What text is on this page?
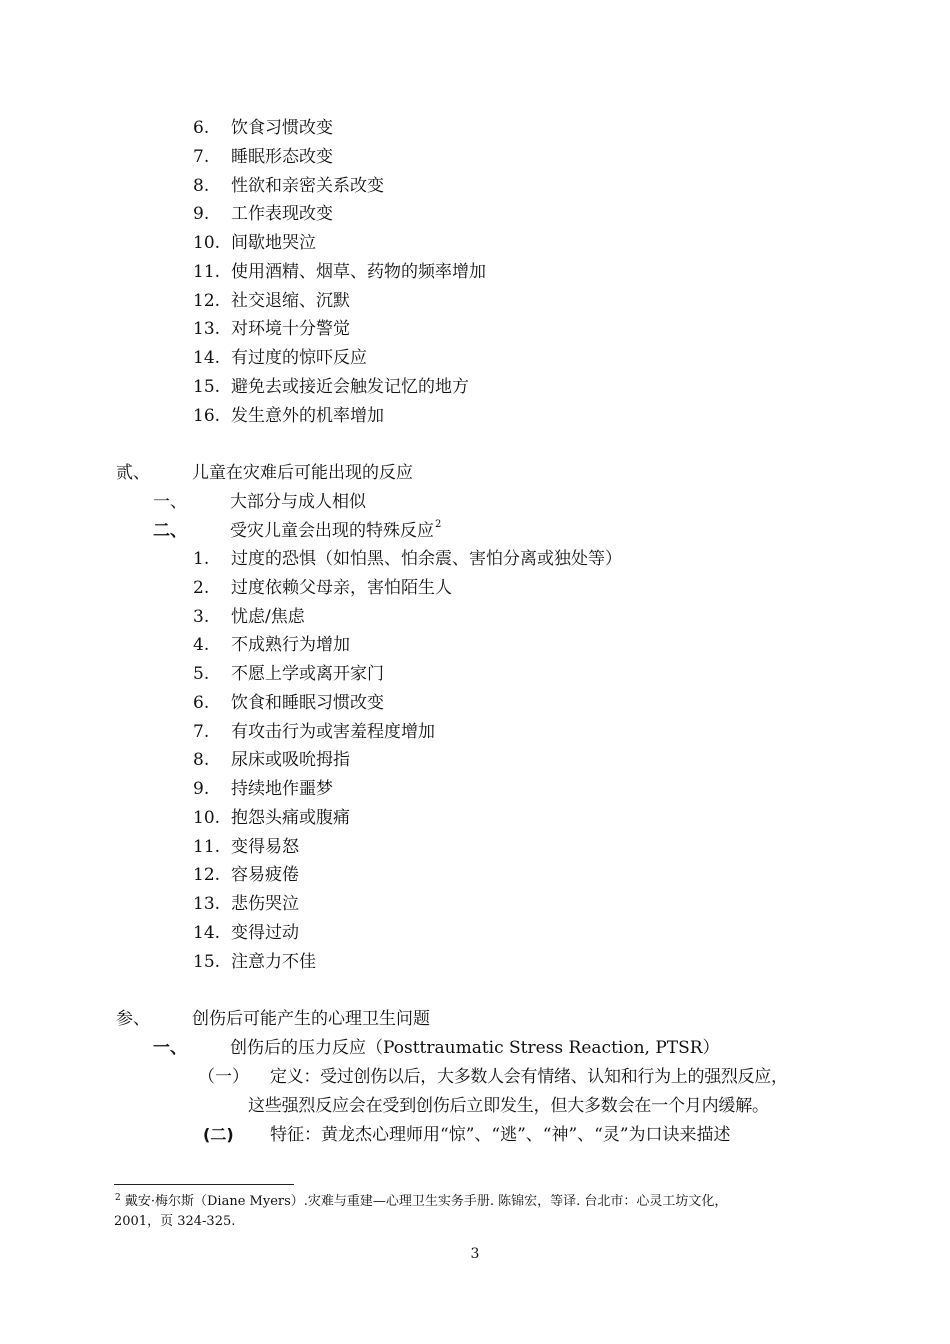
6. 饮食习惯改变
7. 睡眠形态改变
8. 性欲和亲密关系改变
9. 工作表现改变
10. 间歇地哭泣
11. 使用酒精、烟草、药物的频率增加
12. 社交退缩、沉默
13. 对环境十分警觉
14. 有过度的惊吓反应
15. 避免去或接近会触发记忆的地方
16. 发生意外的机率增加
贰、 儿童在灾难后可能出现的反应
一、	大部分与成人相似
二、	受灾儿童会出现的特殊反应$^2$
1. 过度的恐惧（如怕黑、怕余震、害怕分离或独处等）
2. 过度依赖父母亲，害怕陌生人
3. 忧虑/焦虑
4. 不成熟行为增加
5. 不愿上学或离开家门
6. 饮食和睡眠习惯改变
7. 有攻击行为或害羞程度增加
8. 尿床或吸吮拇指
9. 持续地作噩梦
10. 抱怨头痛或腹痛
11. 变得易怒
12. 容易疲倦
13. 悲伤哭泣
14. 变得过动
15. 注意力不佳
参、 创伤后可能产生的心理卫生问题
一、	创伤后的压力反应（Posttraumatic Stress Reaction, PTSR）
（一） 定义：受过创伤以后，大多数人会有情绪、认知和行为上的强烈反应，
这些强烈反应会在受到创伤后立即发生，但大多数会在一个月内缓解。
(二) 特征：黄龙杰心理师用“惊”、“逃”、“神”、“灵”为口诀来描述
$^2$ 戴安·梅尔斯（Diane Myers）.灾难与重建—心理卫生实务手册. 陈锦宏，等译. 台北市：心灵工坊文化，
2001，页 324-325.
3
